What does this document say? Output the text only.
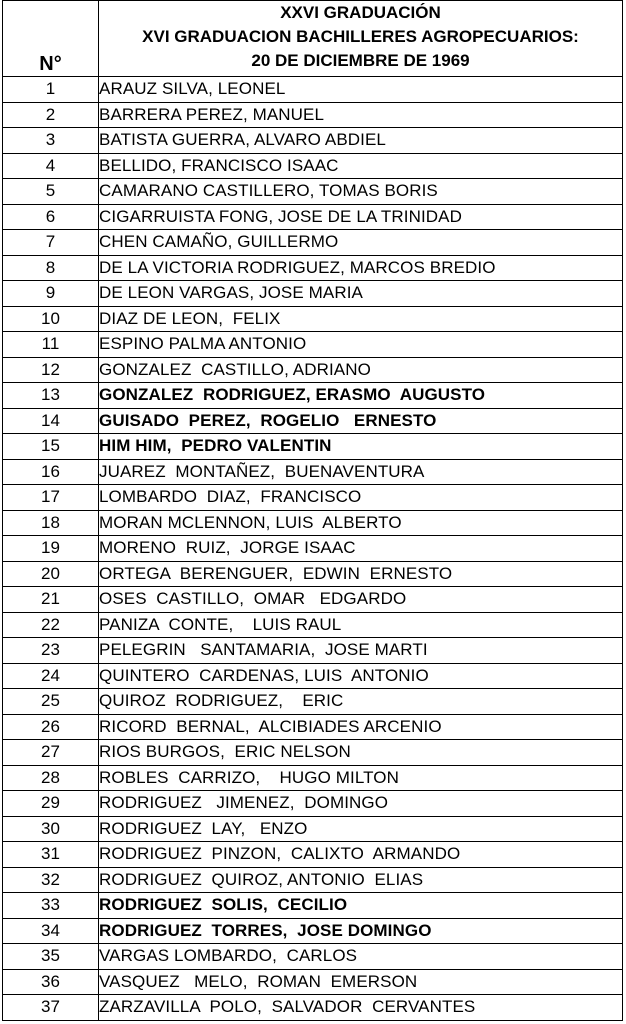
N°	XXVI GRADUACIÓN
XVI GRADUACION BACHILLERES AGROPECUARIOS:
20 DE DICIEMBRE DE 1969

1	ARAUZ SILVA, LEONEL
2	BARRERA PEREZ, MANUEL
3	BATISTA GUERRA, ALVARO ABDIEL
4	BELLIDO, FRANCISCO ISAAC
5	CAMARANO CASTILLERO, TOMAS BORIS
6	CIGARRUISTA FONG, JOSE DE LA TRINIDAD
7	CHEN CAMAÑO, GUILLERMO
8	DE LA VICTORIA RODRIGUEZ, MARCOS BREDIO
9	DE LEON VARGAS, JOSE MARIA
10	DIAZ DE LEON,  FELIX
11	ESPINO PALMA ANTONIO
12	GONZALEZ  CASTILLO, ADRIANO
13	GONZALEZ  RODRIGUEZ, ERASMO  AUGUSTO
14	GUISADO  PEREZ,  ROGELIO   ERNESTO
15	HIM HIM,  PEDRO VALENTIN
16	JUAREZ  MONTAÑEZ,  BUENAVENTURA
17	LOMBARDO  DIAZ,  FRANCISCO
18	MORAN MCLENNON, LUIS  ALBERTO
19	MORENO  RUIZ,  JORGE ISAAC
20	ORTEGA  BERENGUER,  EDWIN  ERNESTO
21	OSES  CASTILLO,  OMAR   EDGARDO
22	PANIZA  CONTE,    LUIS RAUL
23	PELEGRIN   SANTAMARIA,  JOSE MARTI
24	QUINTERO  CARDENAS, LUIS  ANTONIO
25	QUIROZ  RODRIGUEZ,    ERIC
26	RICORD  BERNAL,  ALCIBIADES ARCENIO
27	RIOS BURGOS,  ERIC NELSON
28	ROBLES  CARRIZO,    HUGO MILTON
29	RODRIGUEZ   JIMENEZ,  DOMINGO
30	RODRIGUEZ  LAY,   ENZO
31	RODRIGUEZ  PINZON,  CALIXTO  ARMANDO
32	RODRIGUEZ  QUIROZ, ANTONIO  ELIAS
33	RODRIGUEZ  SOLIS,  CECILIO
34	RODRIGUEZ  TORRES,  JOSE DOMINGO
35	VARGAS LOMBARDO,  CARLOS
36	VASQUEZ   MELO,  ROMAN  EMERSON
37	ZARZAVILLA  POLO,  SALVADOR  CERVANTES
